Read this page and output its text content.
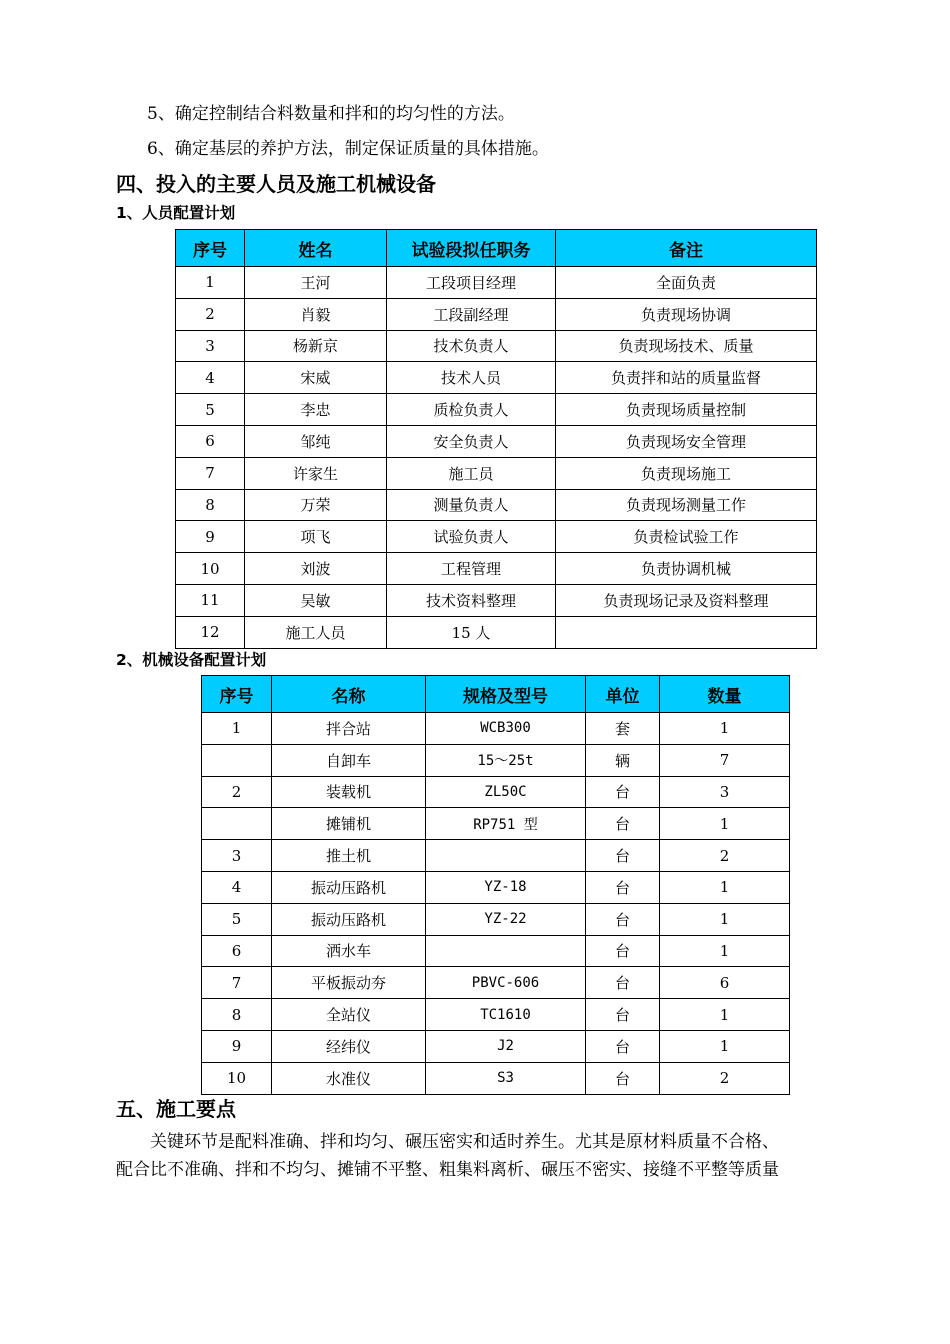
5、确定控制结合料数量和拌和的均匀性的方法。
6、确定基层的养护方法，制定保证质量的具体措施。
四、投入的主要人员及施工机械设备
1、人员配置计划
序号	姓名	试验段拟任职务	备注
1	王河	工段项目经理	全面负责
2	肖毅	工段副经理	负责现场协调
3	杨新京	技术负责人	负责现场技术、质量
4	宋威	技术人员	负责拌和站的质量监督
5	李忠	质检负责人	负责现场质量控制
6	邹纯	安全负责人	负责现场安全管理
7	许家生	施工员	负责现场施工
8	万荣	测量负责人	负责现场测量工作
9	项飞	试验负责人	负责检试验工作
10	刘波	工程管理	负责协调机械
11	吴敏	技术资料整理	负责现场记录及资料整理
12	施工人员	15 人	
2、机械设备配置计划
序号	名称	规格及型号	单位	数量
1	拌合站	WCB300	套	1
	自卸车	15～25t	辆	7
2	装载机	ZL50C	台	3
	摊铺机	RP751 型	台	1
3	推土机		台	2
4	振动压路机	YZ-18	台	1
5	振动压路机	YZ-22	台	1
6	洒水车		台	1
7	平板振动夯	PBVC-606	台	6
8	全站仪	TC1610	台	1
9	经纬仪	J2	台	1
10	水准仪	S3	台	2
五、施工要点
关键环节是配料准确、拌和均匀、碾压密实和适时养生。尤其是原材料质量不合格、
配合比不准确、拌和不均匀、摊铺不平整、粗集料离析、碾压不密实、接缝不平整等质量
